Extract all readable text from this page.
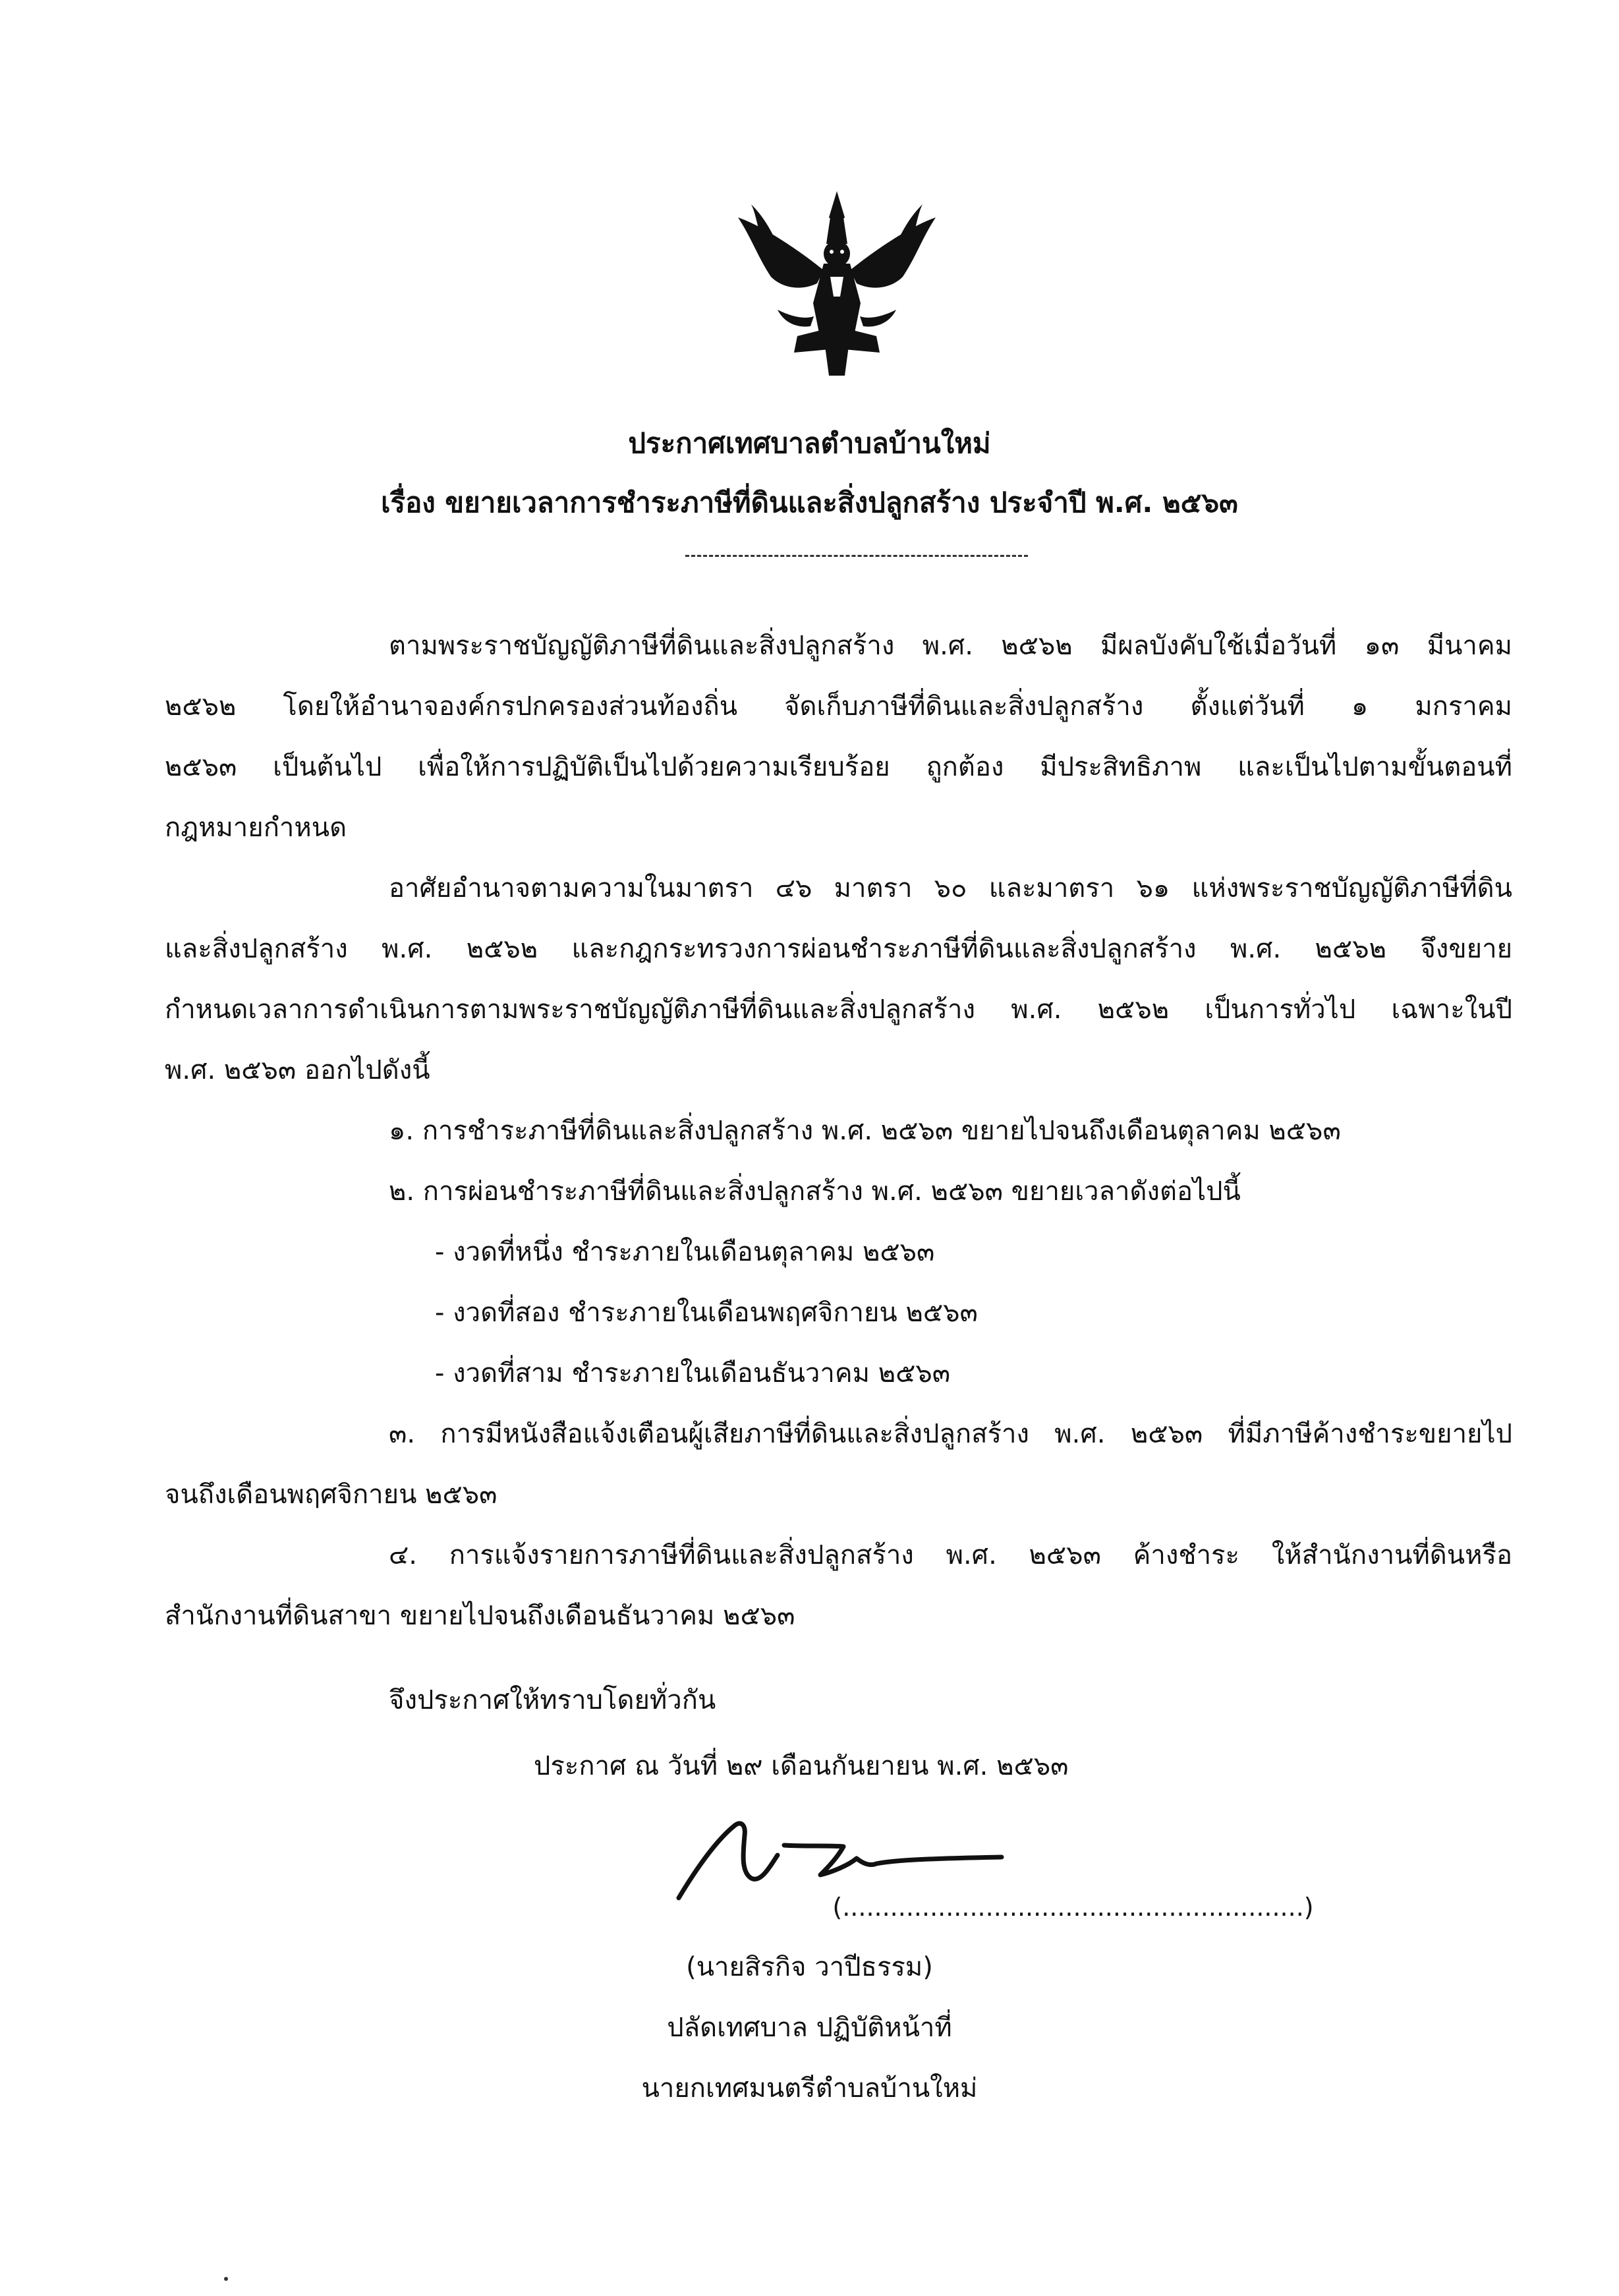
ประกาศเทศบาลตำบลบ้านใหม่
เรื่อง ขยายเวลาการชำระภาษีที่ดินและสิ่งปลูกสร้าง ประจำปี พ.ศ. ๒๕๖๓
ตามพระราชบัญญัติภาษีที่ดินและสิ่งปลูกสร้าง พ.ศ. ๒๕๖๒ มีผลบังคับใช้เมื่อวันที่ ๑๓ มีนาคม
๒๕๖๒ โดยให้อำนาจองค์กรปกครองส่วนท้องถิ่น จัดเก็บภาษีที่ดินและสิ่งปลูกสร้าง ตั้งแต่วันที่ ๑ มกราคม
๒๕๖๓ เป็นต้นไป เพื่อให้การปฏิบัติเป็นไปด้วยความเรียบร้อย ถูกต้อง มีประสิทธิภาพ และเป็นไปตามขั้นตอนที่
กฎหมายกำหนด
อาศัยอำนาจตามความในมาตรา ๔๖ มาตรา ๖๐ และมาตรา ๖๑ แห่งพระราชบัญญัติภาษีที่ดิน
และสิ่งปลูกสร้าง พ.ศ. ๒๕๖๒ และกฎกระทรวงการผ่อนชำระภาษีที่ดินและสิ่งปลูกสร้าง พ.ศ. ๒๕๖๒ จึงขยาย
กำหนดเวลาการดำเนินการตามพระราชบัญญัติภาษีที่ดินและสิ่งปลูกสร้าง พ.ศ. ๒๕๖๒ เป็นการทั่วไป เฉพาะในปี
พ.ศ. ๒๕๖๓ ออกไปดังนี้
๑. การชำระภาษีที่ดินและสิ่งปลูกสร้าง พ.ศ. ๒๕๖๓ ขยายไปจนถึงเดือนตุลาคม ๒๕๖๓
๒. การผ่อนชำระภาษีที่ดินและสิ่งปลูกสร้าง พ.ศ. ๒๕๖๓ ขยายเวลาดังต่อไปนี้
- งวดที่หนึ่ง ชำระภายในเดือนตุลาคม ๒๕๖๓
- งวดที่สอง ชำระภายในเดือนพฤศจิกายน ๒๕๖๓
- งวดที่สาม ชำระภายในเดือนธันวาคม ๒๕๖๓
๓. การมีหนังสือแจ้งเตือนผู้เสียภาษีที่ดินและสิ่งปลูกสร้าง พ.ศ. ๒๕๖๓ ที่มีภาษีค้างชำระขยายไป
จนถึงเดือนพฤศจิกายน ๒๕๖๓
๔. การแจ้งรายการภาษีที่ดินและสิ่งปลูกสร้าง พ.ศ. ๒๕๖๓ ค้างชำระ ให้สำนักงานที่ดินหรือ
สำนักงานที่ดินสาขา ขยายไปจนถึงเดือนธันวาคม ๒๕๖๓
จึงประกาศให้ทราบโดยทั่วกัน
ประกาศ ณ วันที่ ๒๙ เดือนกันยายน พ.ศ. ๒๕๖๓
(..........................................................)
(นายสิรกิจ วาปีธรรม)
ปลัดเทศบาล ปฏิบัติหน้าที่
นายกเทศมนตรีตำบลบ้านใหม่
